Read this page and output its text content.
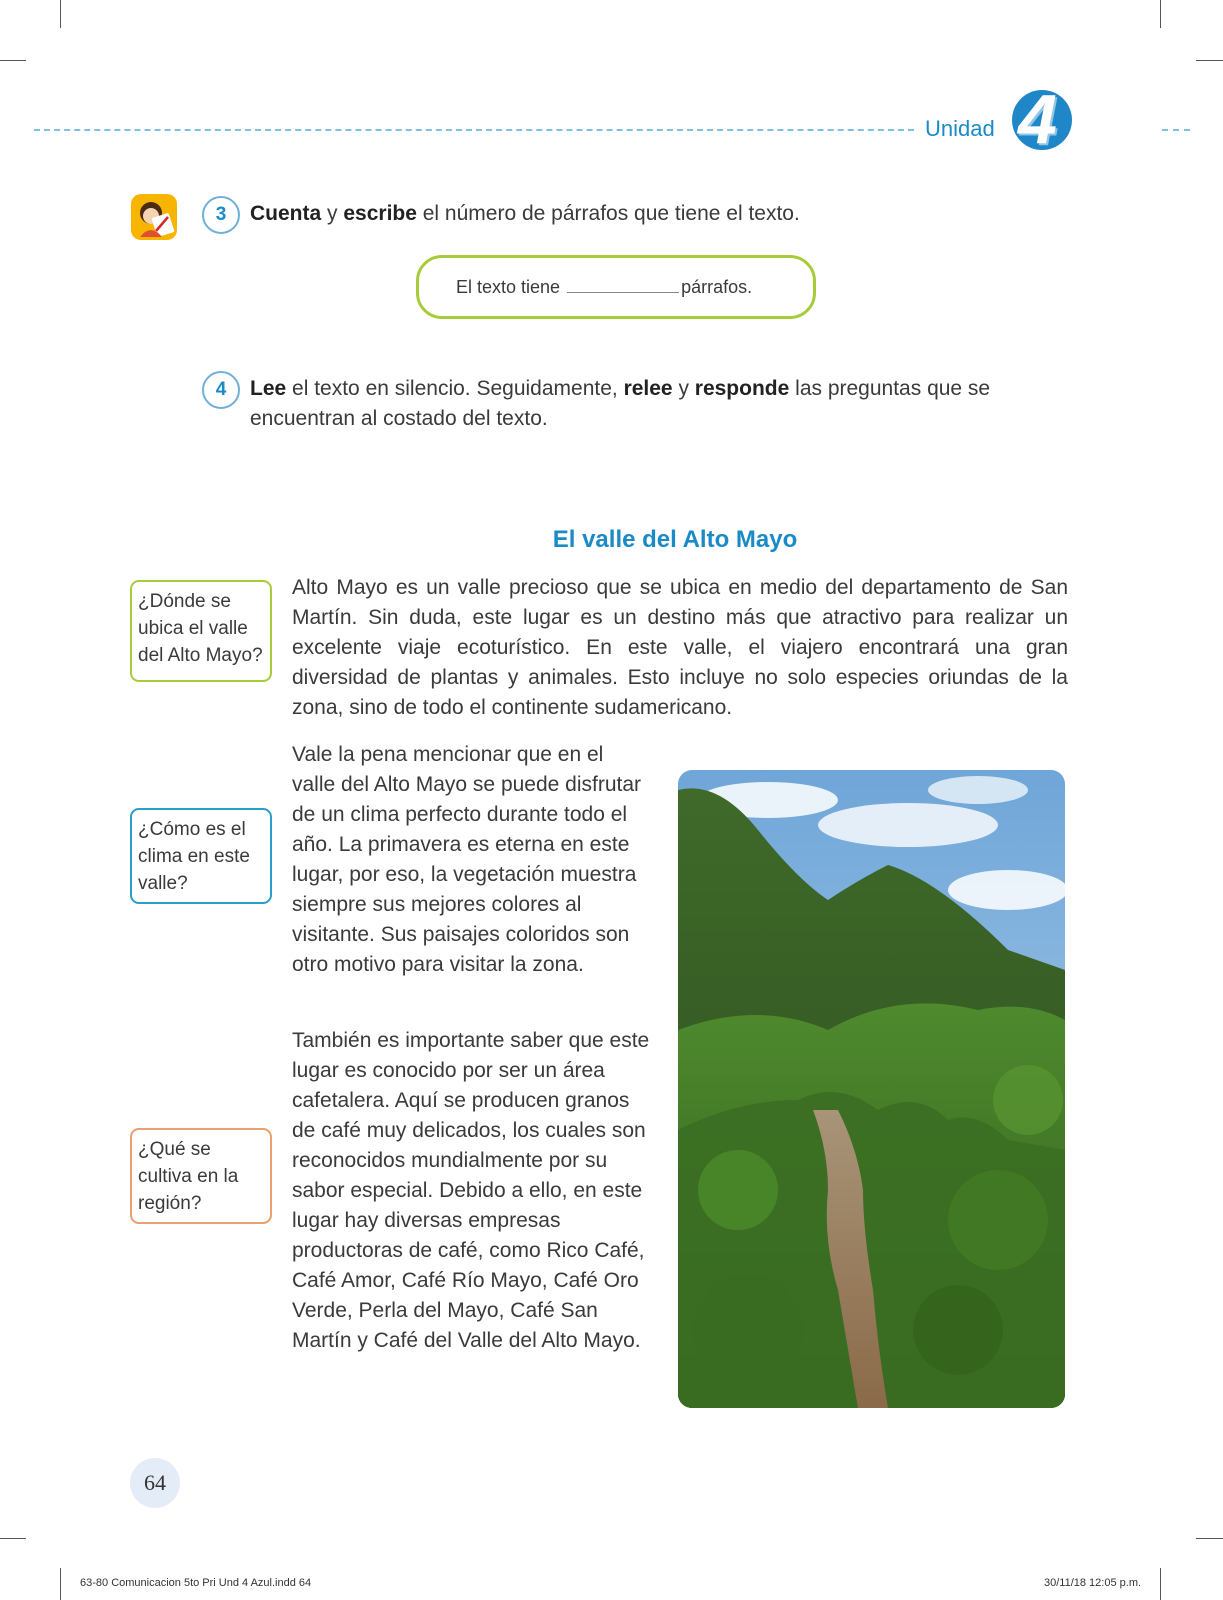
Unidad 4
3	Cuenta y escribe el número de párrafos que tiene el texto.
El texto tiene	párrafos.
4	Lee el texto en silencio. Seguidamente, relee y responde las preguntas que se encuentran al costado del texto.
El valle del Alto Mayo

Alto Mayo es un valle precioso que se ubica en medio del departamento de San Martín. Sin duda, este lugar es un destino más que atractivo para realizar un excelente viaje ecoturístico. En este valle, el viajero encontrará una gran diversidad de plantas y animales. Esto incluye no solo especies oriundas de la zona, sino de todo el continente sudamericano.

Vale la pena mencionar que en el valle del Alto Mayo se puede disfrutar de un clima perfecto durante todo el año. La primavera es eterna en este lugar, por eso, la vegetación muestra siempre sus mejores colores al visitante. Sus paisajes coloridos son otro motivo para visitar la zona.

También es importante saber que este lugar es conocido por ser un área cafetalera. Aquí se producen granos de café muy delicados, los cuales son reconocidos mundialmente por su sabor especial. Debido a ello, en este lugar hay diversas empresas productoras de café, como Rico Café, Café Amor, Café Río Mayo, Café Oro Verde, Perla del Mayo, Café San Martín y Café del Valle del Alto Mayo.

¿Dónde se ubica el valle del Alto Mayo?
¿Cómo es el clima en este valle?
¿Qué se cultiva en la región?
64
63-80 Comunicacion 5to Pri Und 4 Azul.indd 64	30/11/18 12:05 p.m.
